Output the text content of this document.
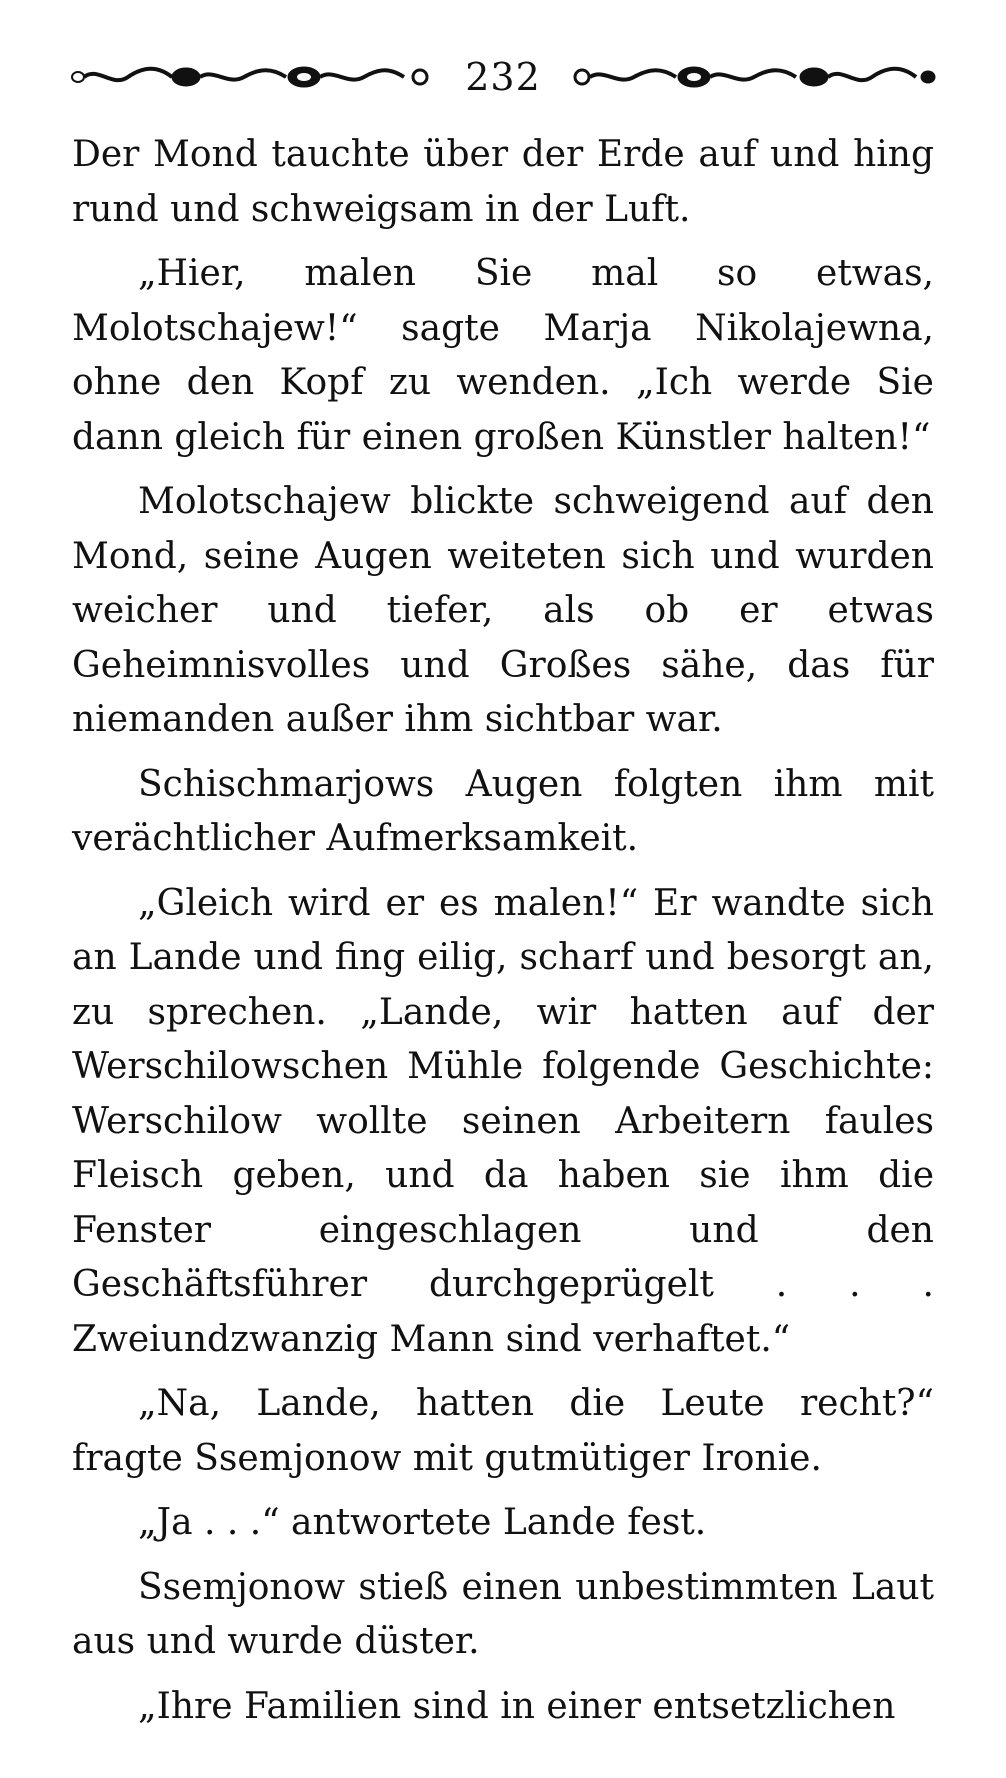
232

Der Mond tauchte über der Erde auf und hing rund und schweigsam in der Luft.

„Hier, malen Sie mal so etwas, Molotschajew!“ sagte Marja Nikolajewna, ohne den Kopf zu wenden. „Ich werde Sie dann gleich für einen großen Künstler halten!“

Molotschajew blickte schweigend auf den Mond, seine Augen weiteten sich und wurden weicher und tiefer, als ob er etwas Geheimnisvolles und Großes sähe, das für niemanden außer ihm sichtbar war.

Schischmarjows Augen folgten ihm mit verächtlicher Aufmerksamkeit.

„Gleich wird er es malen!“ Er wandte sich an Lande und fing eilig, scharf und besorgt an, zu sprechen. „Lande, wir hatten auf der Werschilowschen Mühle folgende Geschichte: Werschilow wollte seinen Arbeitern faules Fleisch geben, und da haben sie ihm die Fenster eingeschlagen und den Geschäftsführer durchgeprügelt . . . Zweiundzwanzig Mann sind verhaftet.“

„Na, Lande, hatten die Leute recht?“ fragte Ssemjonow mit gutmütiger Ironie.

„Ja . . .“ antwortete Lande fest.

Ssemjonow stieß einen unbestimmten Laut aus und wurde düster.

„Ihre Familien sind in einer entsetzlichen
